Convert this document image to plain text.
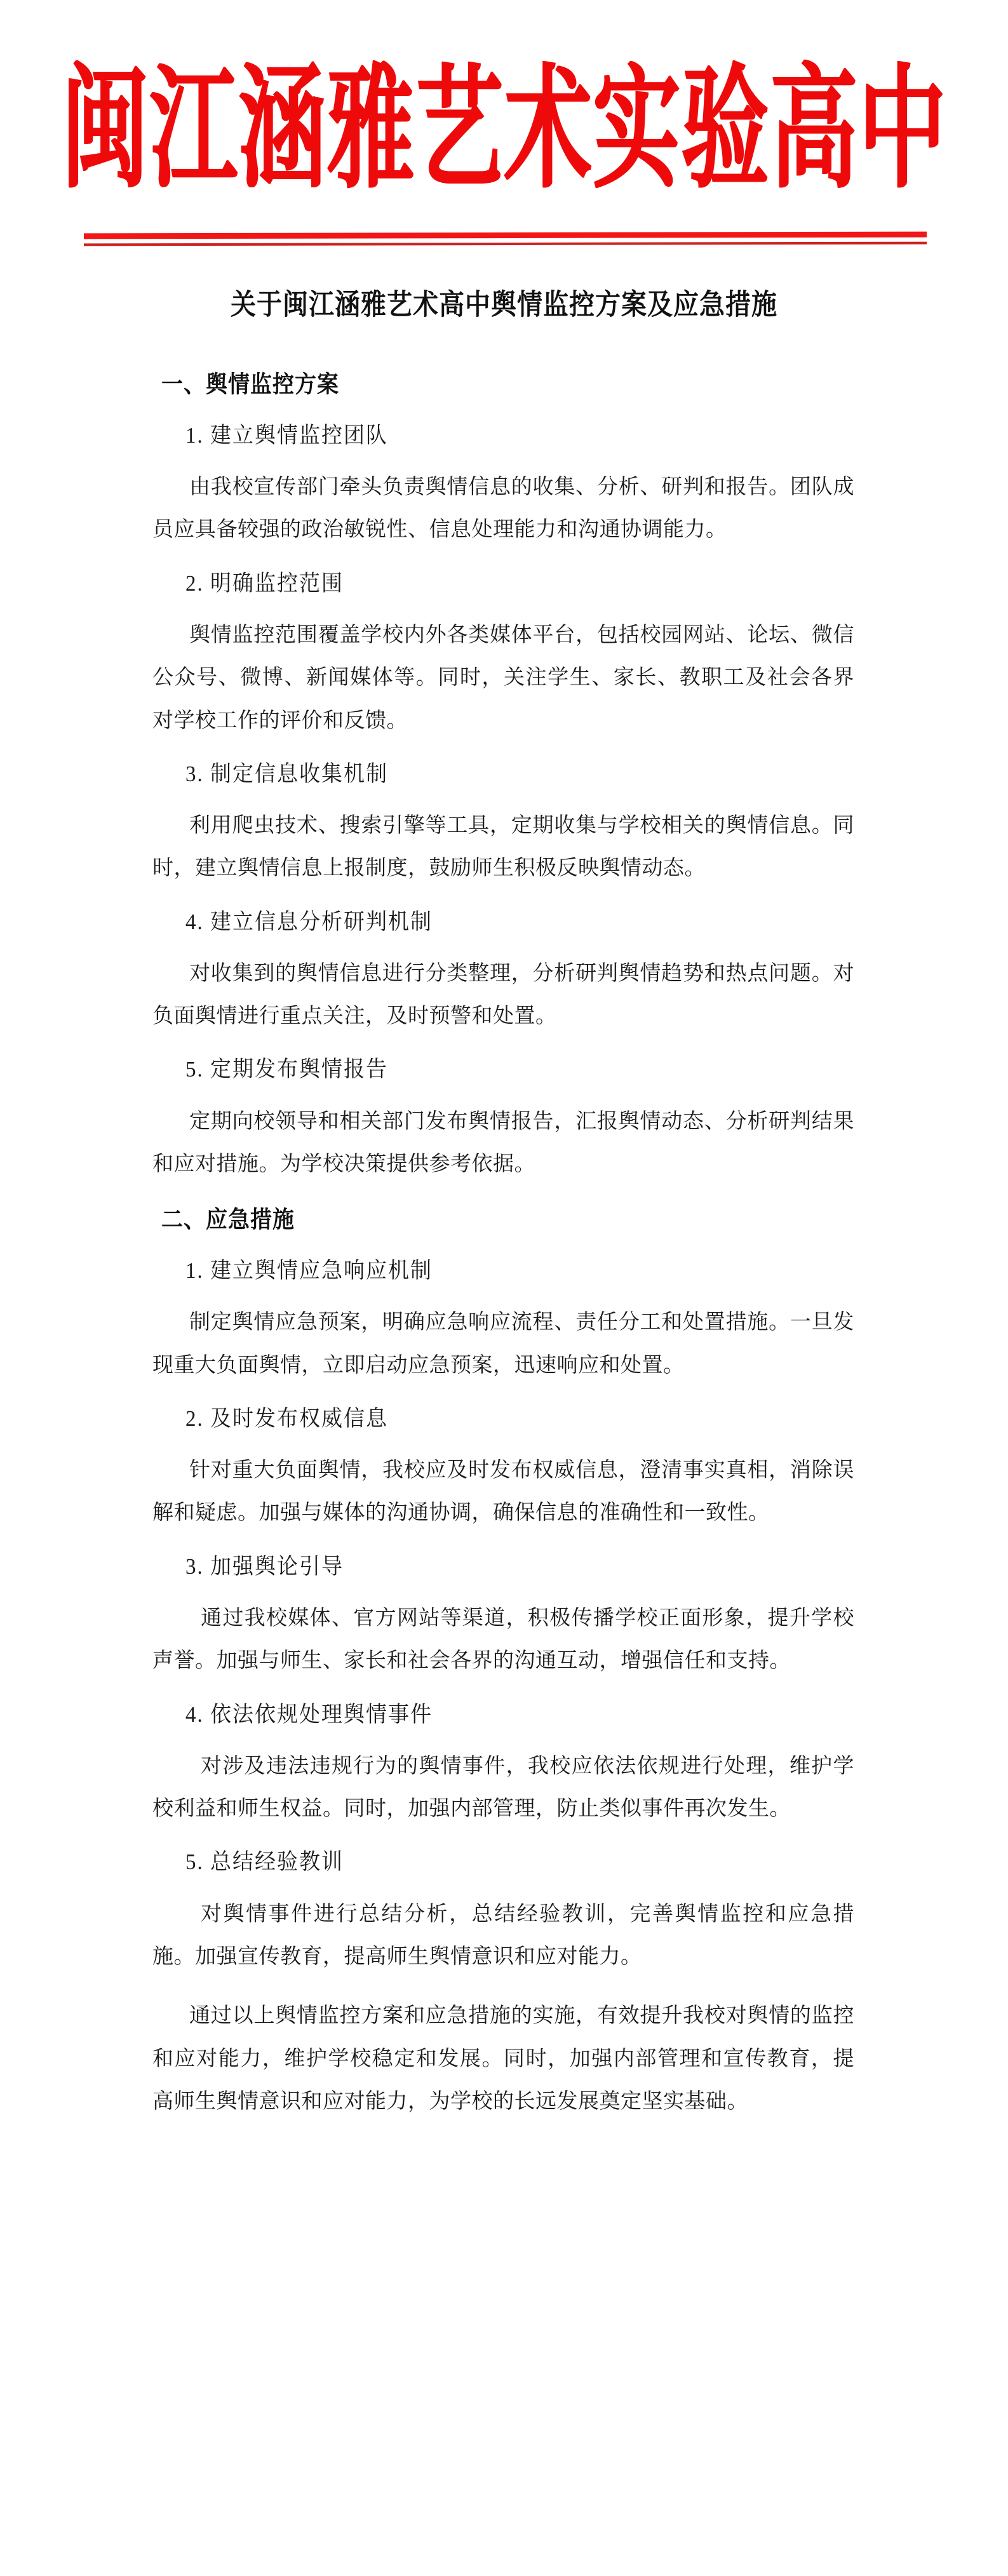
闽江涵雅艺术实验高中
关于闽江涵雅艺术高中舆情监控方案及应急措施
一、舆情监控方案
1. 建立舆情监控团队

由我校宣传部门牵头负责舆情信息的收集、分析、研判和报告。团队成员应具备较强的政治敏锐性、信息处理能力和沟通协调能力。

2. 明确监控范围

舆情监控范围覆盖学校内外各类媒体平台，包括校园网站、论坛、微信公众号、微博、新闻媒体等。同时，关注学生、家长、教职工及社会各界对学校工作的评价和反馈。

3. 制定信息收集机制

利用爬虫技术、搜索引擎等工具，定期收集与学校相关的舆情信息。同时，建立舆情信息上报制度，鼓励师生积极反映舆情动态。

4. 建立信息分析研判机制

对收集到的舆情信息进行分类整理，分析研判舆情趋势和热点问题。对负面舆情进行重点关注，及时预警和处置。

5. 定期发布舆情报告

定期向校领导和相关部门发布舆情报告，汇报舆情动态、分析研判结果和应对措施。为学校决策提供参考依据。

二、应急措施
1. 建立舆情应急响应机制

制定舆情应急预案，明确应急响应流程、责任分工和处置措施。一旦发现重大负面舆情，立即启动应急预案，迅速响应和处置。

2. 及时发布权威信息

针对重大负面舆情，我校应及时发布权威信息，澄清事实真相，消除误解和疑虑。加强与媒体的沟通协调，确保信息的准确性和一致性。

3. 加强舆论引导

通过我校媒体、官方网站等渠道，积极传播学校正面形象，提升学校声誉。加强与师生、家长和社会各界的沟通互动，增强信任和支持。

4. 依法依规处理舆情事件

对涉及违法违规行为的舆情事件，我校应依法依规进行处理，维护学校利益和师生权益。同时，加强内部管理，防止类似事件再次发生。

5. 总结经验教训

对舆情事件进行总结分析，总结经验教训，完善舆情监控和应急措施。加强宣传教育，提高师生舆情意识和应对能力。

通过以上舆情监控方案和应急措施的实施，有效提升我校对舆情的监控和应对能力，维护学校稳定和发展。同时，加强内部管理和宣传教育，提高师生舆情意识和应对能力，为学校的长远发展奠定坚实基础。
